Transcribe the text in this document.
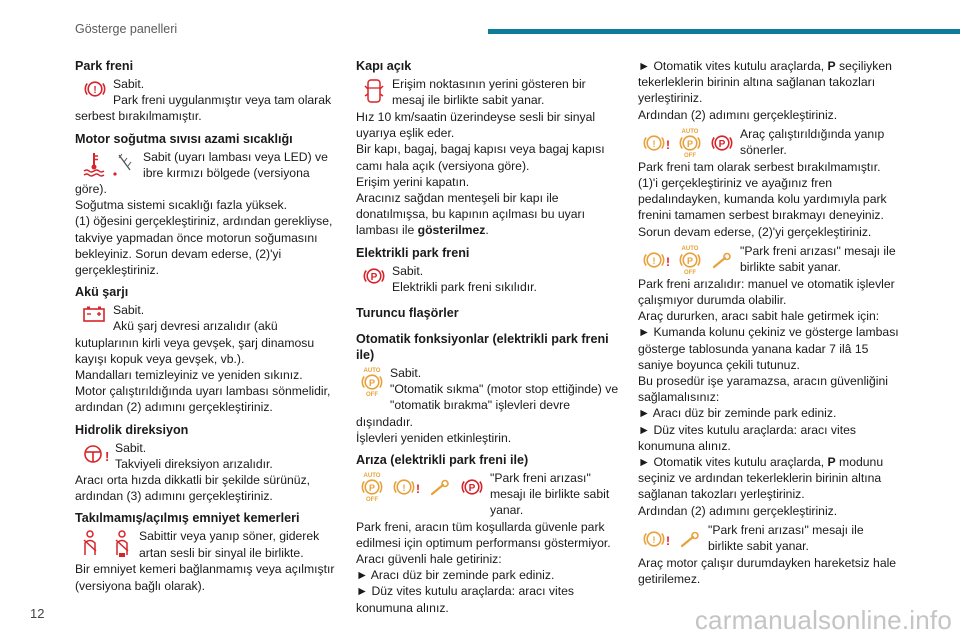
Gösterge panelleri
Park freni
! Sabit.
Park freni uygulanmıştır veya tam olarak serbest bırakılmamıştır.
Motor soğutma sıvısı azami sıcaklığı
Sabit (uyarı lambası veya LED) ve ibre kırmızı bölgede (versiyona göre).
Soğutma sistemi sıcaklığı fazla yüksek.
(1) öğesini gerçekleştiriniz, ardından gerekliyse, takviye yapmadan önce motorun soğumasını bekleyiniz. Sorun devam ederse, (2)'yi gerçekleştiriniz.
Akü şarjı
Sabit.
Akü şarj devresi arızalıdır (akü kutuplarının kirli veya gevşek, şarj dinamosu kayışı kopuk veya gevşek, vb.).
Mandalları temizleyiniz ve yeniden sıkınız.
Motor çalıştırıldığında uyarı lambası sönmelidir, ardından (2) adımını gerçekleştiriniz.
Hidrolik direksiyon
!
Sabit.
Takviyeli direksiyon arızalıdır.
Aracı orta hızda dikkatli bir şekilde sürünüz, ardından (3) adımını gerçekleştiriniz.
Takılmamış/açılmış emniyet kemerleri
Sabittir veya yanıp söner, giderek artan sesli bir sinyal ile birlikte.
Bir emniyet kemeri bağlanmamış veya açılmıştır (versiyona bağlı olarak).
Kapı açık
Erişim noktasının yerini gösteren bir mesaj ile birlikte sabit yanar.
Hız 10 km/saatin üzerindeyse sesli bir sinyal uyarıya eşlik eder.
Bir kapı, bagaj, bagaj kapısı veya bagaj kapısı camı hala açık (versiyona göre).
Erişim yerini kapatın.
Aracınız sağdan menteşeli bir kapı ile donatılmışsa, bu kapının açılması bu uyarı lambası ile gösterilmez.
Elektrikli park freni
P	Sabit.
Elektrikli park freni sıkılıdır.
Turuncu flaşörler
Otomatik fonksiyonlar (elektrikli park freni ile)
AUTO
P
OFF
Sabit.
"Otomatik sıkma" (motor stop ettiğinde) ve "otomatik bırakma" işlevleri devre dışındadır.
İşlevleri yeniden etkinleştirin.
Arıza (elektrikli park freni ile)
AUTO
P
OFF
! !	P
"Park freni arızası" mesajı ile birlikte sabit yanar.
Park freni, aracın tüm koşullarda güvenle park edilmesi için optimum performansı göstermiyor.
Aracı güvenli hale getiriniz:
► Aracı düz bir zeminde park ediniz.
► Düz vites kutulu araçlarda: aracı vites konumuna alınız.
► Otomatik vites kutulu araçlarda, P seçiliyken tekerleklerin birinin altına sağlanan takozları yerleştiriniz.
Ardından (2) adımını gerçekleştiriniz.
! !
AUTO
P
OFF
P
Araç çalıştırıldığında yanıp sönerler.
Park freni tam olarak serbest bırakılmamıştır.
(1)'i gerçekleştiriniz ve ayağınız fren pedalındayken, kumanda kolu yardımıyla park frenini tamamen serbest bırakmayı deneyiniz.
Sorun devam ederse, (2)'yi gerçekleştiriniz.
! !
AUTO
P
OFF
"Park freni arızası" mesajı ile birlikte sabit yanar.
Park freni arızalıdır: manuel ve otomatik işlevler çalışmıyor durumda olabilir.
Araç dururken, aracı sabit hale getirmek için:
► Kumanda kolunu çekiniz ve gösterge lambası gösterge tablosunda yanana kadar 7 ilâ 15 saniye boyunca çekili tutunuz.
Bu prosedür işe yaramazsa, aracın güvenliğini sağlamalısınız:
► Aracı düz bir zeminde park ediniz.
► Düz vites kutulu araçlarda: aracı vites konumuna alınız.
► Otomatik vites kutulu araçlarda, P modunu seçiniz ve ardından tekerleklerin birinin altına sağlanan takozları yerleştiriniz.
Ardından (2) adımını gerçekleştiriniz.
! !
"Park freni arızası" mesajı ile birlikte sabit yanar.
Araç motor çalışır durumdayken hareketsiz hale getirilemez.
12	carmanualsonline.info
